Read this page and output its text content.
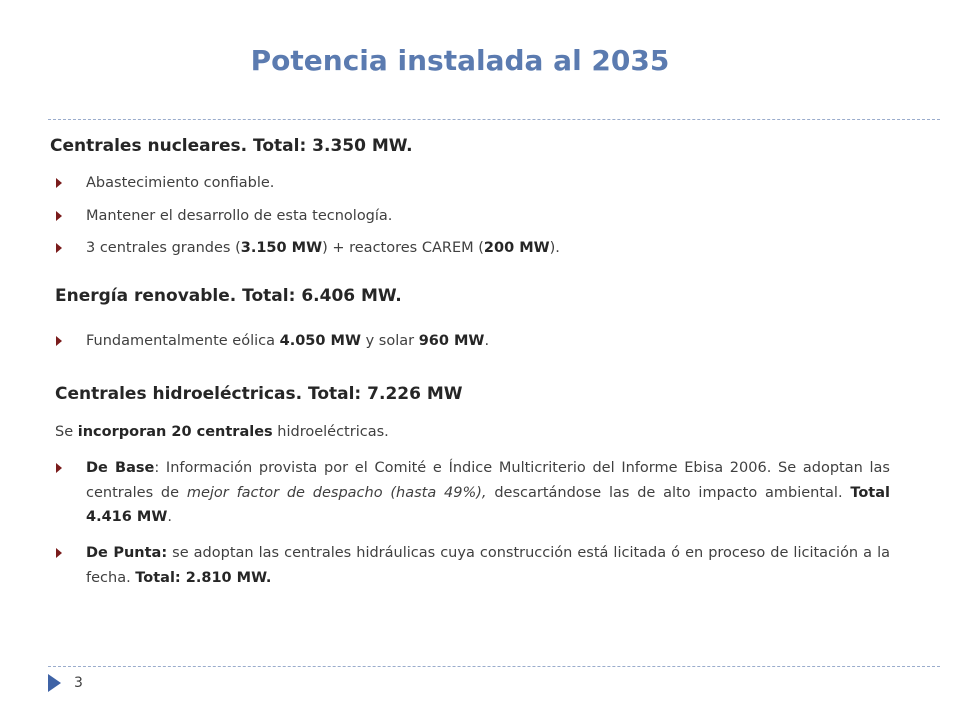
Potencia instalada al 2035
Centrales nucleares. Total: 3.350 MW.
Abastecimiento confiable.
Mantener el desarrollo de esta tecnología.
3 centrales grandes (3.150 MW) + reactores CAREM (200 MW).
Energía renovable. Total: 6.406 MW.
Fundamentalmente eólica 4.050 MW y solar 960 MW.
Centrales hidroeléctricas. Total: 7.226 MW
Se incorporan 20 centrales hidroeléctricas.
De Base: Información provista por el Comité e Índice Multicriterio del Informe Ebisa 2006. Se adoptan las centrales de mejor factor de despacho (hasta 49%), descartándose las de alto impacto ambiental. Total 4.416 MW.
De Punta: se adoptan las centrales hidráulicas cuya construcción está licitada ó en proceso de licitación a la fecha. Total: 2.810 MW.
3
